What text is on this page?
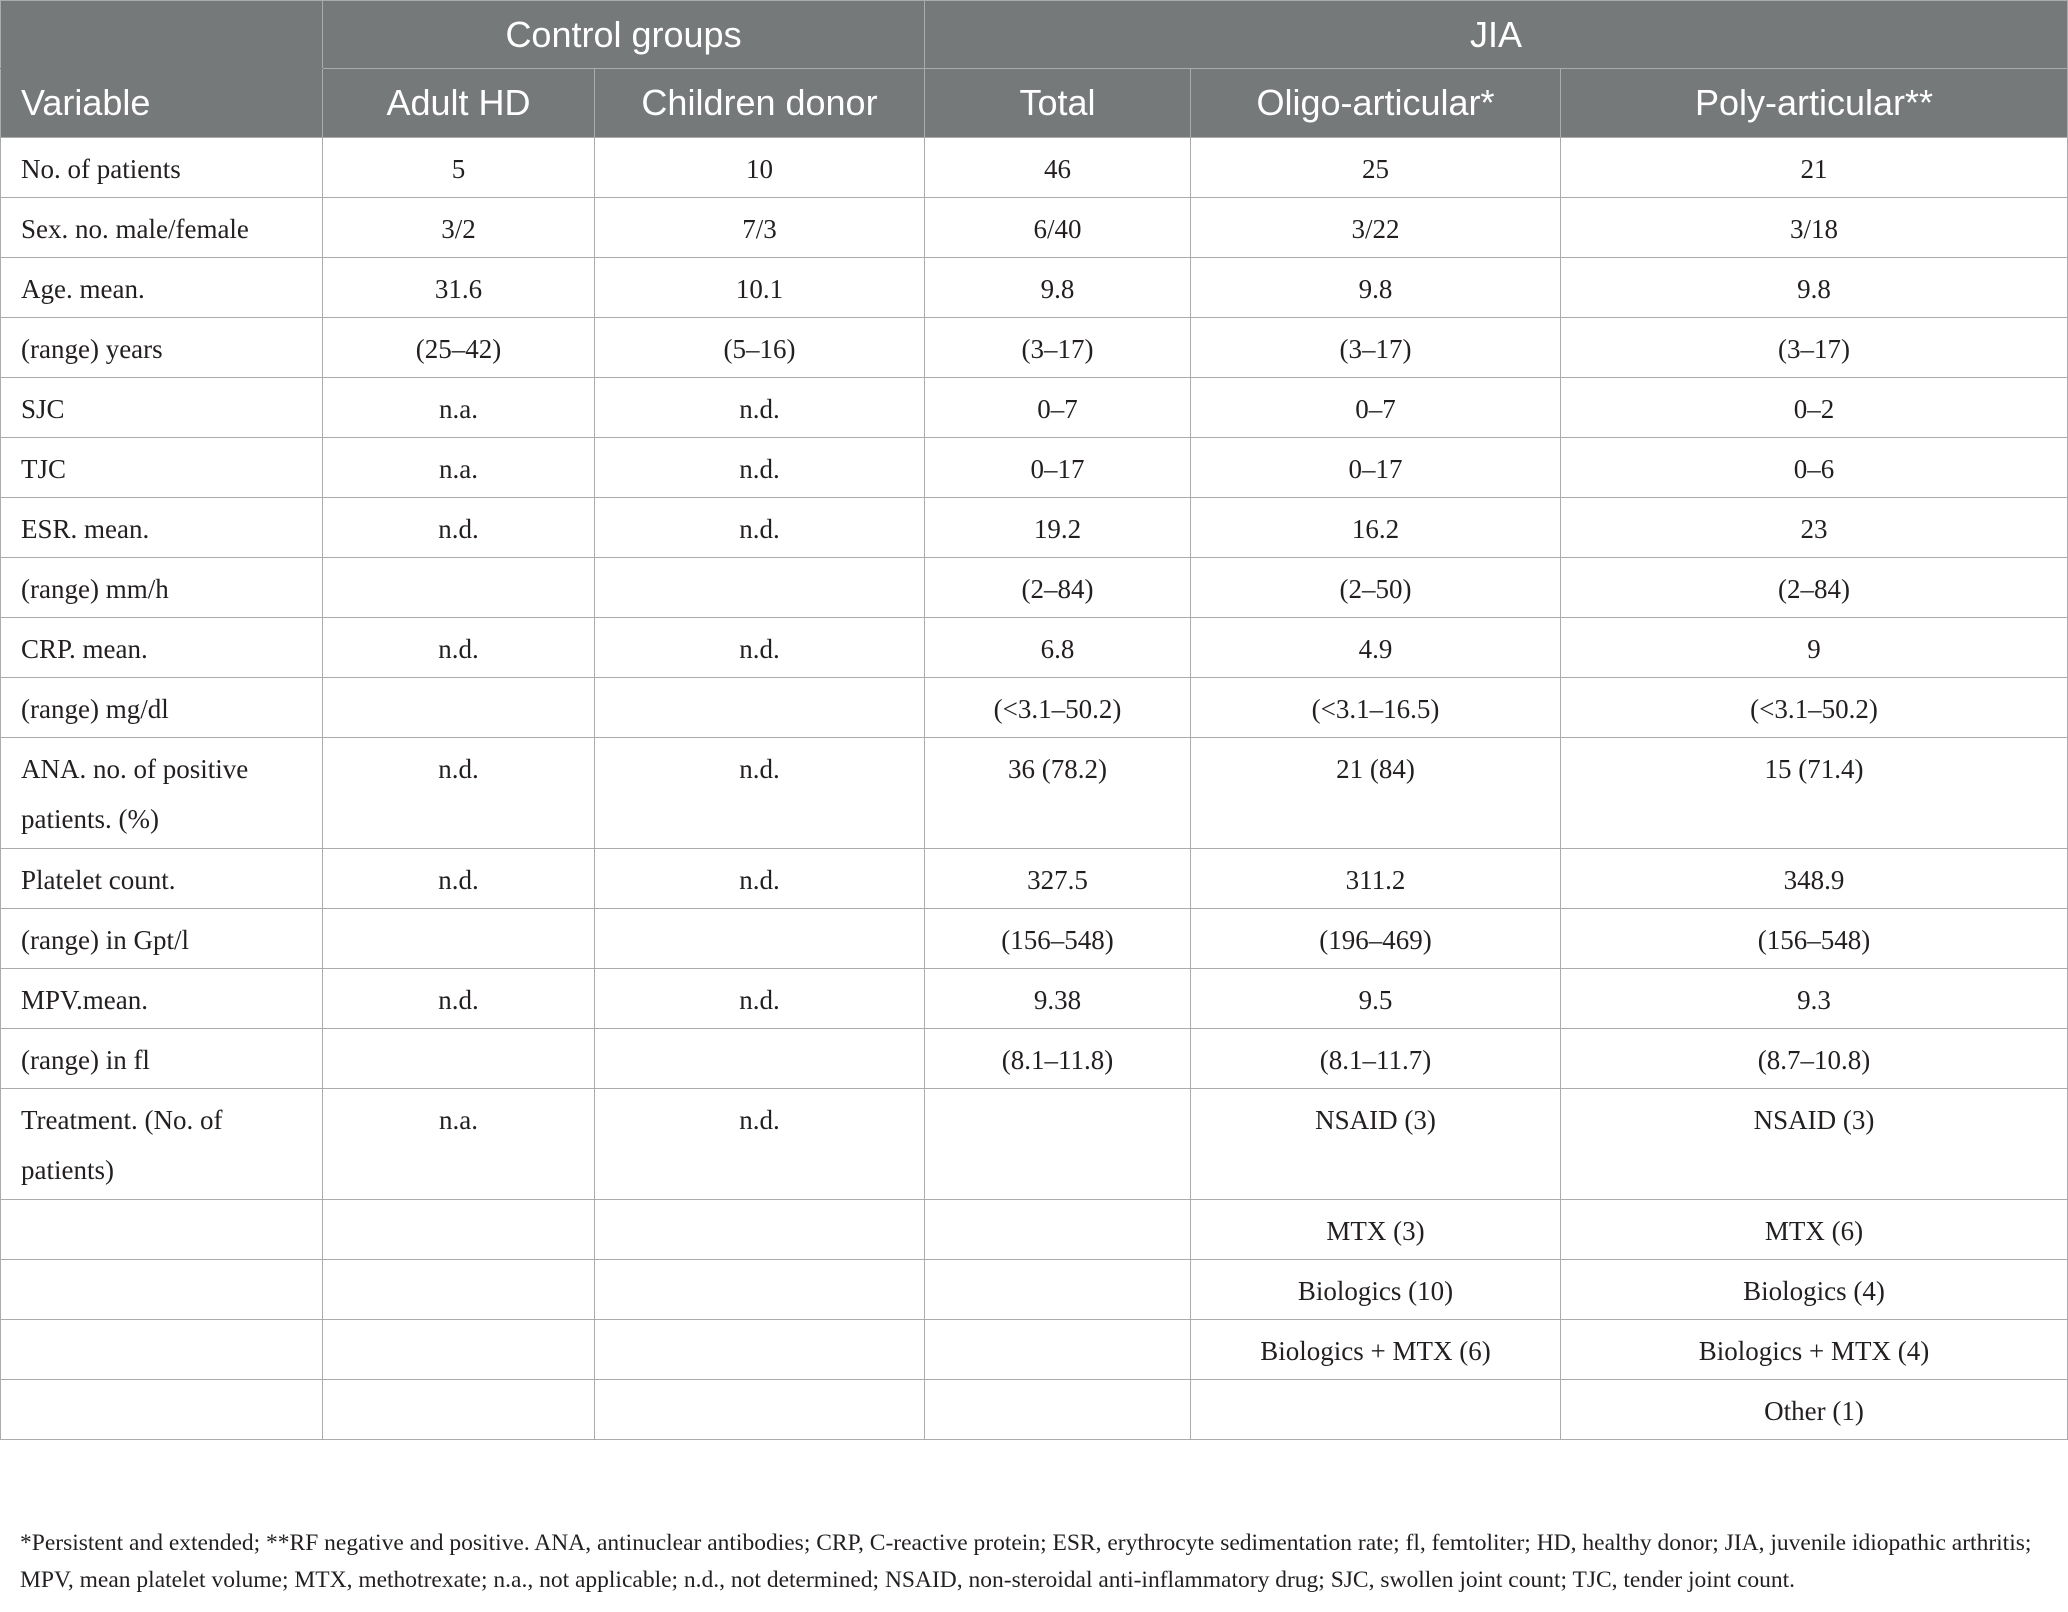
	Control groups		JIA		
Variable	Adult HD	Children donor	Total	Oligo-articular*	Poly-articular**

No. of patients	5	10	46	25	21

Sex. no. male/female	3/2	7/3	6/40	3/22	3/18

Age. mean.	31.6	10.1	9.8	9.8	9.8

(range) years	(25–42)	(5–16)	(3–17)	(3–17)	(3–17)

SJC	n.a.	n.d.	0–7	0–7	0–2

TJC	n.a.	n.d.	0–17	0–17	0–6

ESR. mean.	n.d.	n.d.	19.2	16.2	23

(range) mm/h			(2–84)	(2–50)	(2–84)

CRP. mean.	n.d.	n.d.	6.8	4.9	9

(range) mg/dl			(<3.1–50.2)	(<3.1–16.5)	(<3.1–50.2)

ANA. no. of positive patients. (%)	n.d.	n.d.	36 (78.2)	21 (84)	15 (71.4)

Platelet count.	n.d.	n.d.	327.5	311.2	348.9

(range) in Gpt/l			(156–548)	(196–469)	(156–548)

MPV.mean.	n.d.	n.d.	9.38	9.5	9.3

(range) in fl			(8.1–11.8)	(8.1–11.7)	(8.7–10.8)

Treatment. (No. of patients)	n.a.	n.d.		NSAID (3)	NSAID (3)

				MTX (3)	MTX (6)

				Biologics (10)	Biologics (4)

				Biologics + MTX (6)	Biologics + MTX (4)

					Other (1)
*Persistent and extended; **RF negative and positive. ANA, antinuclear antibodies; CRP, C-reactive protein; ESR, erythrocyte sedimentation rate; fl, femtoliter; HD, healthy donor; JIA, juvenile idiopathic arthritis; MPV, mean platelet volume; MTX, methotrexate; n.a., not applicable; n.d., not determined; NSAID, non-steroidal anti-inflammatory drug; SJC, swollen joint count; TJC, tender joint count.
